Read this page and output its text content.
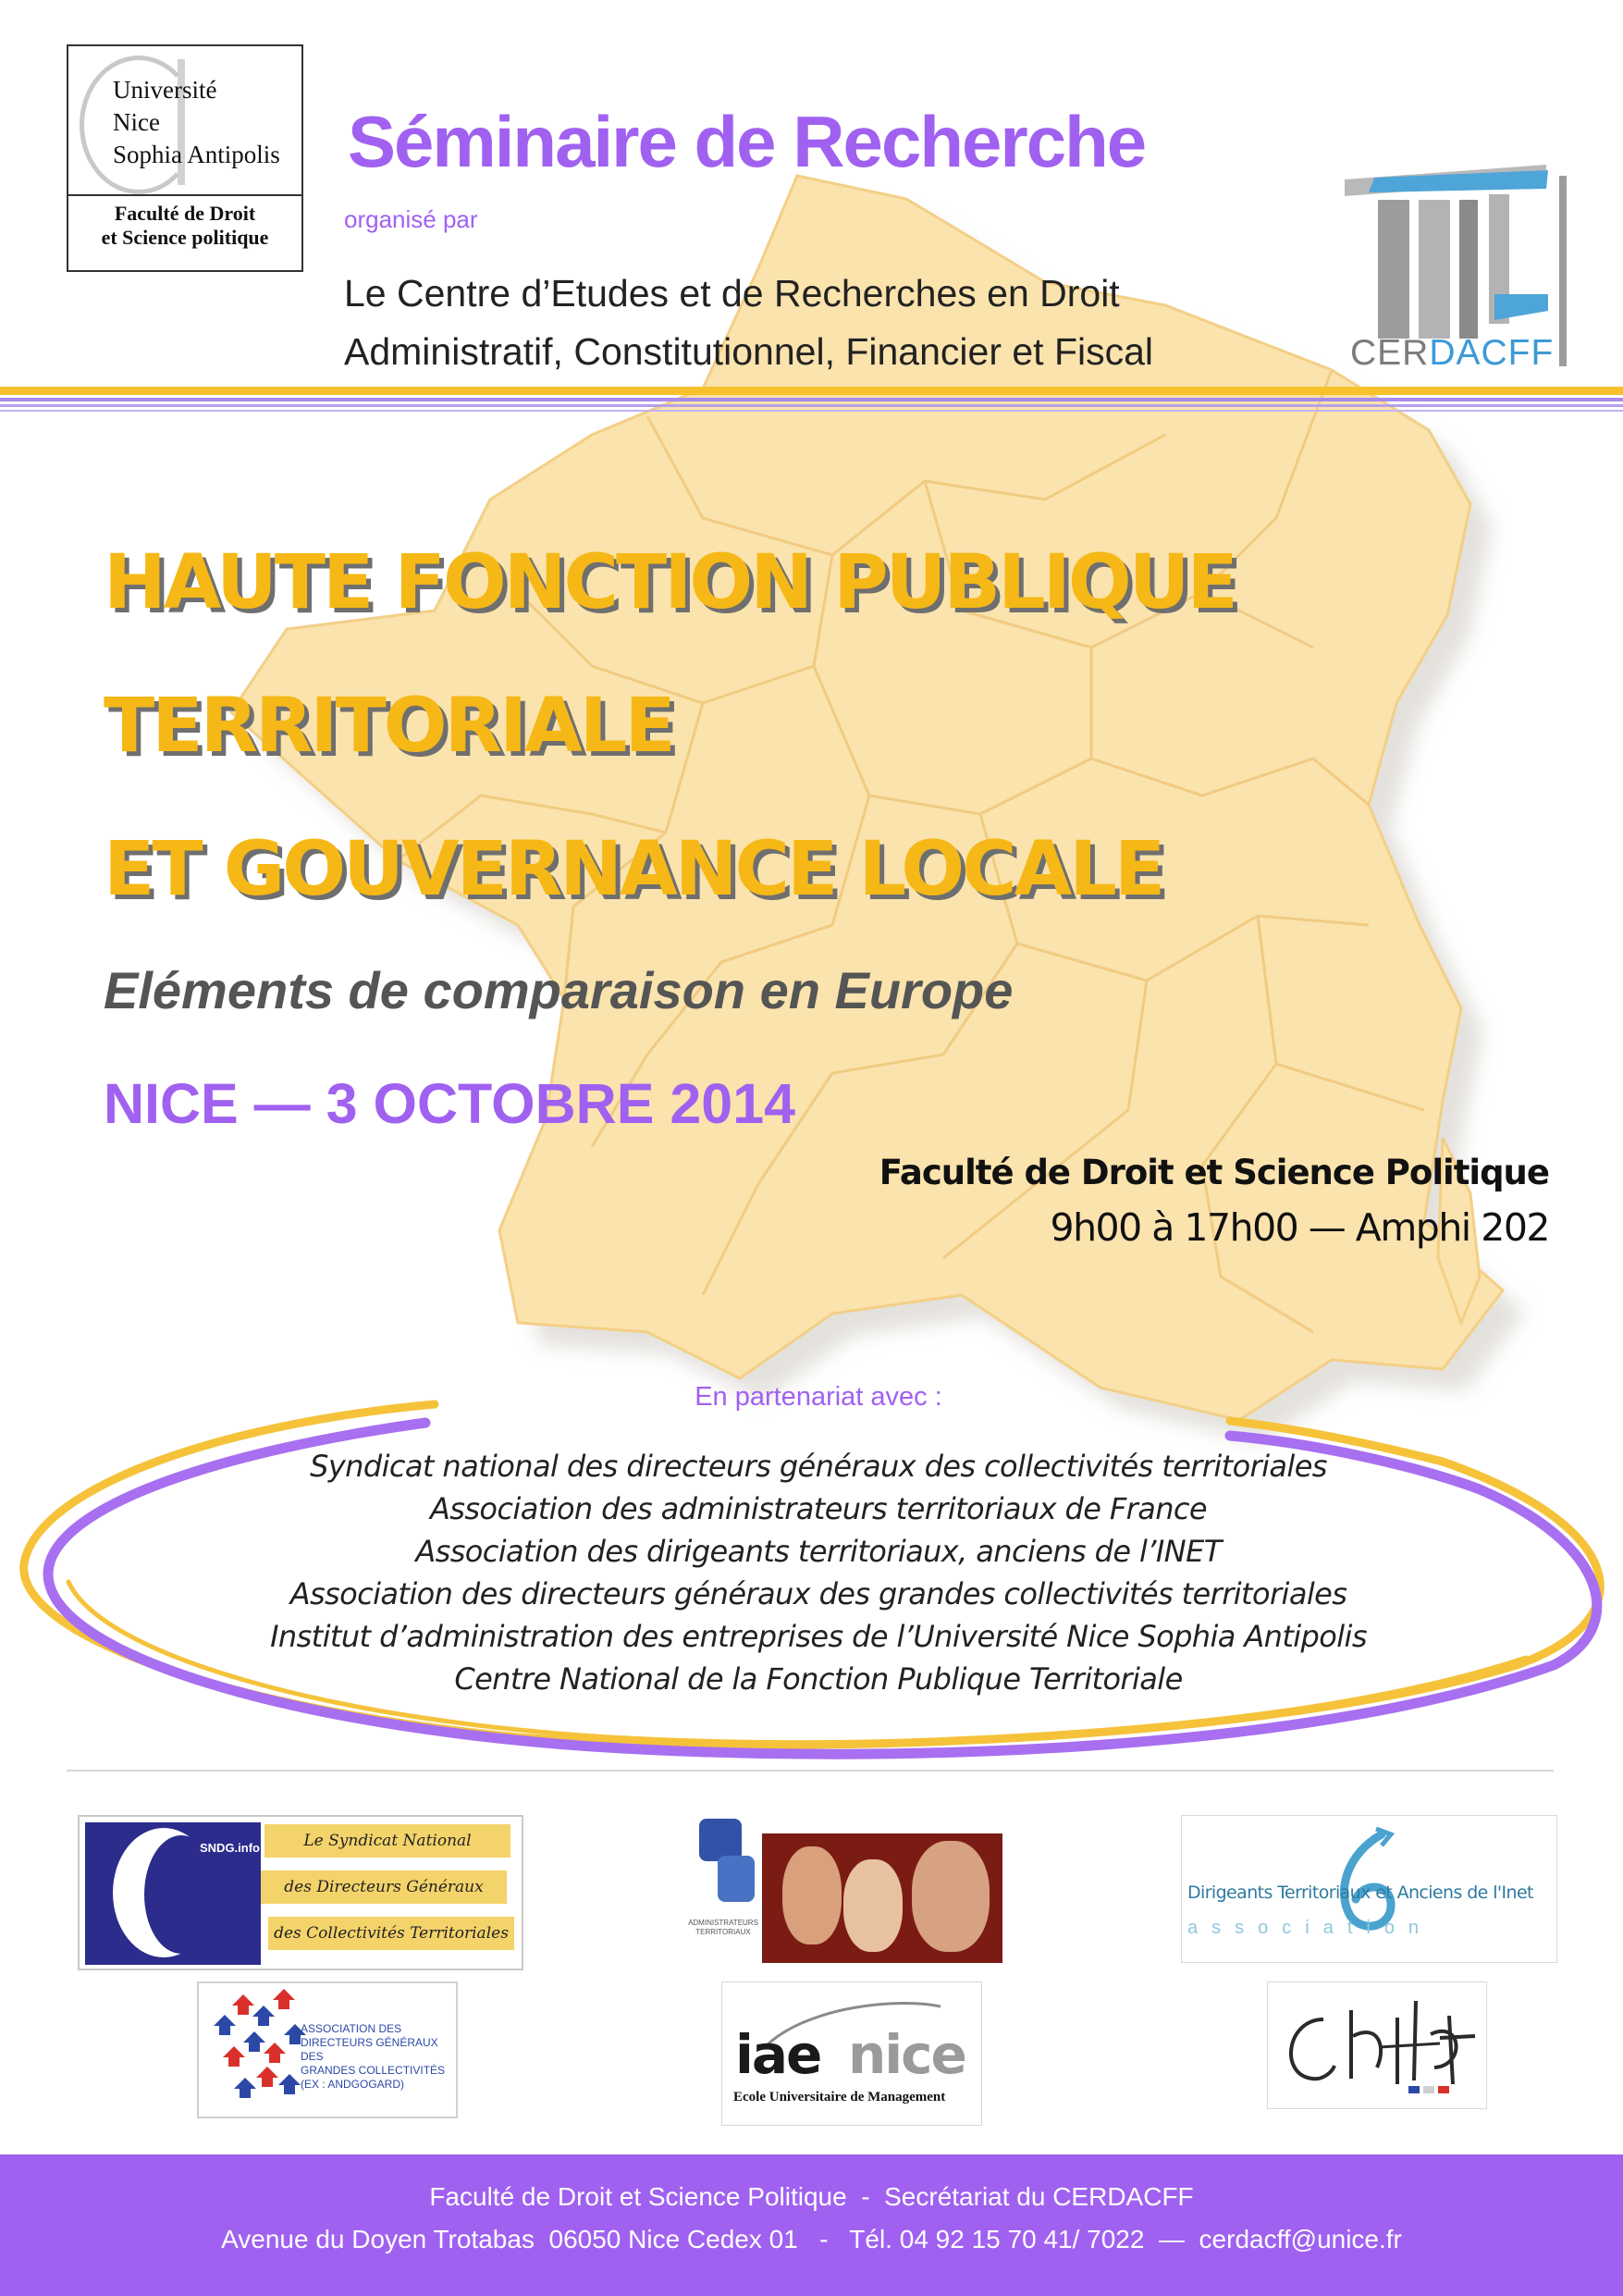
Université
Nice
Sophia Antipolis
Faculté de Droit
et Science politique
Séminaire de Recherche
organisé par
Le Centre d’Etudes et de Recherches en Droit
Administratif, Constitutionnel, Financier et Fiscal	CERDACFF
HAUTE FONCTION PUBLIQUE
TERRITORIALE
ET GOUVERNANCE LOCALE
Eléments de comparaison en Europe
NICE — 3 OCTOBRE 2014
Faculté de Droit et Science Politique
9h00 à 17h00 — Amphi 202
En partenariat avec :
Syndicat national des directeurs généraux des collectivités territoriales
Association des administrateurs territoriaux de France
Association des dirigeants territoriaux, anciens de l’INET
Association des directeurs généraux des grandes collectivités territoriales
Institut d’administration des entreprises de l’Université Nice Sophia Antipolis
Centre National de la Fonction Publique Territoriale
SNDG.info	Le Syndicat National
des Directeurs Généraux
des Collectivités Territoriales
ADMINISTRATEURS TERRITORIAUX
Dirigeants Territoriaux et Anciens de l'Inet
association
ASSOCIATION DES
DIRECTEURS GÉNÉRAUX DES
GRANDES COLLECTIVITÉS
(EX : ANDGOGARD)	iae nice
Ecole Universitaire de Management
Faculté de Droit et Science Politique  -  Secrétariat du CERDACFF
Avenue du Doyen Trotabas  06050 Nice Cedex 01   -   Tél. 04 92 15 70 41/ 7022  —  cerdacff@unice.fr
